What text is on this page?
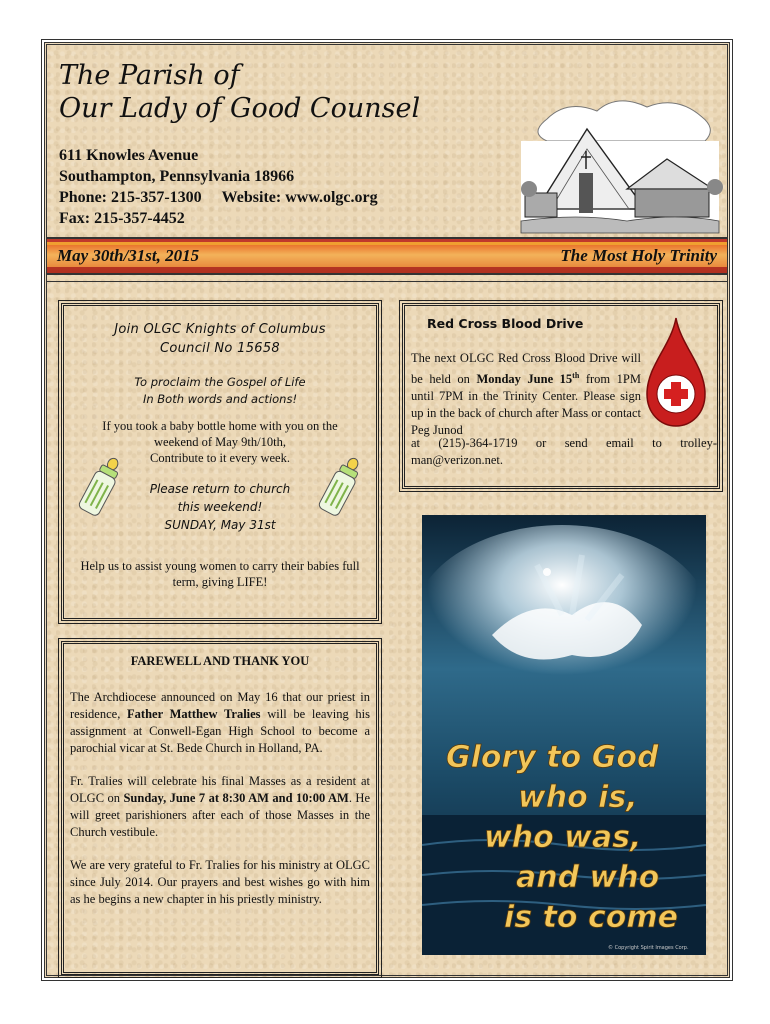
The Parish of
Our Lady of Good Counsel
611 Knowles Avenue
Southampton, Pennsylvania 18966
Phone: 215-357-1300 Website: www.olgc.org
Fax: 215-357-4452
May 30th/31st, 2015	The Most Holy Trinity
Join OLGC Knights of Columbus
Council No 15658
To proclaim the Gospel of Life
In Both words and actions!
If you took a baby bottle home with you on the
weekend of May 9th/10th,
Contribute to it every week.
Please return to church
this weekend!
SUNDAY, May 31st
Help us to assist young women to carry their babies full term, giving LIFE!
Red Cross Blood Drive
The next OLGC Red Cross Blood Drive will be held on Monday June 15th from 1PM until 7PM in the Trinity Center. Please sign up in the back of church after Mass or contact Peg Junod
at (215)-364-1719 or send email to trolley-man@verizon.net.
FAREWELL AND THANK YOU

The Archdiocese announced on May 16 that our priest in residence, Father Matthew Tralies will be leaving his assignment at Conwell-Egan High School to become a parochial vicar at St. Bede Church in Holland, PA.

Fr. Tralies will celebrate his final Masses as a resident at OLGC on Sunday, June 7 at 8:30 AM and 10:00 AM. He will greet parishioners after each of those Masses in the Church vestibule.

We are very grateful to Fr. Tralies for his ministry at OLGC since July 2014. Our prayers and best wishes go with him as he begins a new chapter in his priestly ministry.

Glory to God
who is,
who was,
and who
is to come
© Copyright Spirit Images Corp.
